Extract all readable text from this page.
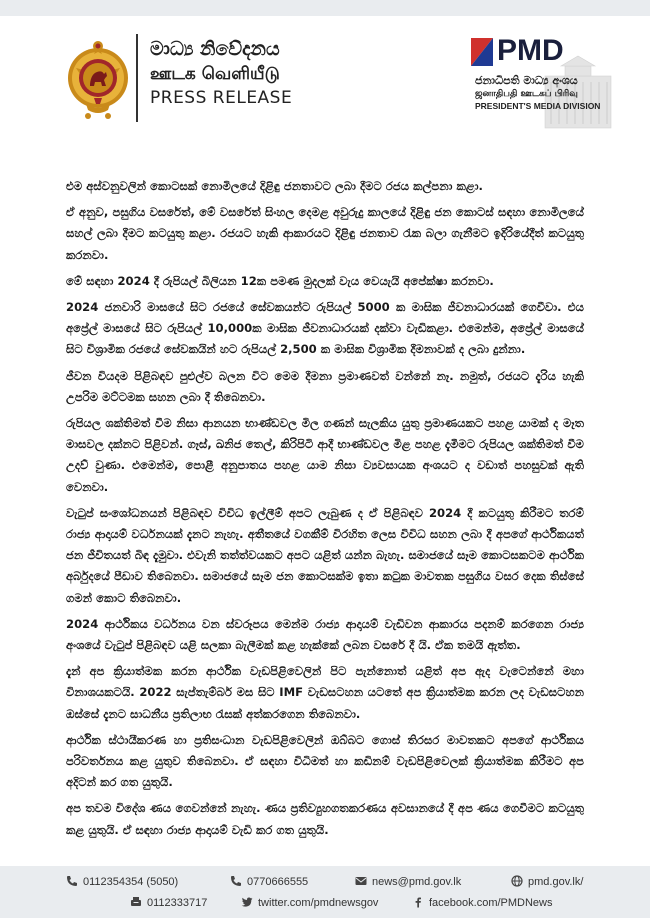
මාධ්‍ය නිවේදනය
ஊடக வெளியீடு
PRESS RELEASE
PMD
ජනාධිපති මාධ්‍ය අංශය
ஜனாதிபதி ஊடகப் பிரிவு
PRESIDENT'S MEDIA DIVISION

එම අස්වනුවලින් කොටසක් නොමිලයේ දිළිඳු ජනතාවට ලබා දීමට රජය කල්පනා කළා.

ඒ අනුව, පසුගිය වසරේත්, මේ වසරේත් සිංහල දෙමළ අවුරුදු කාලයේ දිළිඳු ජන කොටස් සඳහා නොමිලයේ සහල් ලබා දීමට කටයුතු කළා. රජයට හැකි ආකාරයට දිළිඳු ජනතාව රැක බලා ගැනීමට ඉදිරියේදීත් කටයුතු කරනවා.

මේ සඳහා 2024 දී රුපියල් බිලියන 12ක පමණ මුදලක් වැය වෙයැයි අපේක්ෂා කරනවා.

2024 ජනවාරි මාසයේ සිට රජයේ සේවකයන්ට රුපියල් 5000 ක මාසික ජීවනාධාරයක් ගෙවීවා. එය අප්‍රේල් මාසයේ සිට රුපියල් 10,000ක මාසික ජීවනාධාරයක් දක්වා වැඩිකළා. එමෙන්ම, අප්‍රේල් මාසයේ සිට විශ්‍රාමික රජයේ සේවකයින් හට රුපියල් 2,500 ක මාසික විශ්‍රාමික දීමනාවක් ද ලබා දුන්නා.

ජීවන වියදම පිළිබඳව පුළුල්ව බලන විට මෙම දීමනා ප්‍රමාණවත් වන්නේ නෑ. නමුත්, රජයට දැරිය හැකි උපරිම මට්ටමක සහන ලබා දී තිබෙනවා.

රුපියල ශක්තිමත් වීම නිසා ආනයන භාණ්ඩවල මිල ගණන් සැලකිය යුතු ප්‍රමාණයකට පහළ යාමක් ද මෑත මාසවල දක්නට පිළිවන්. ගෑස්, ඛනිජ තෙල්, කිරිපිටි ආදී භාණ්ඩවල මිළ පහළ දැමීමට රුපියල ශක්තිමත් වීම උදව් වුණා. එමෙන්ම, පොළී අනුපාතය පහළ යාම නිසා ව්‍යවසායක අංශයට ද වඩාත් පහසුවක් ඇති වෙනවා.

වැටුප් සංශෝධනයන් පිළිබඳව විවිධ ඉල්ලීම් අපට ලැබුණ ද ඒ පිළිබඳව 2024 දී කටයුතු කිරීමට තරම් රාජ්‍ය ආදායම් වර්ධනයක් දැනට නැහැ. අතීතයේ වගකීම් විරහිත ලෙස විවිධ සහන ලබා දී අපගේ ආර්ථිකයත් ජන ජීවිතයත් බිඳ දැමුවා. එවැනි තත්ත්වයකට අපට යළිත් යන්න බැහැ. සමාජයේ සෑම කොටසකටම ආර්ථික අර්බුදයේ පීඩාව තිබෙනවා. සමාජයේ සෑම ජන කොටසක්ම ඉතා කටුක මාවතක පසුගිය වසර දෙක තිස්සේ ගමන් කොට තිබෙනවා.

2024 ආර්ථිකය වර්ධනය වන ස්වරූපය මෙන්ම රාජ්‍ය ආදායම් වැඩිවන ආකාරය පදනම් කරගෙන රාජ්‍ය අංශයේ වැටුප් පිළිබඳව යළි සලකා බැලීමක් කළ හැක්කේ ලබන වසරේ දී යි. ඒක තමයි ඇත්ත.

දැන් අප ක්‍රියාත්මක කරන ආර්ථික වැඩපිළිවෙලින් පිට පැන්නොත් යළිත් අප ඇද වැටෙන්නේ මහා විනාශයකටයි. 2022 සැප්තැම්බර් මස සිට IMF වැඩසටහන යටතේ අප ක්‍රියාත්මක කරන ලද වැඩසටහන ඔස්සේ දැනට සාධනීය ප්‍රතිලාභ රැසක් අත්කරගෙන තිබෙනවා.

ආර්ථික ස්ථායීකරණ හා ප්‍රතිසංධාන වැඩපිළිවෙලින් ඔබ්බට ගොස් තිරසර මාවතකට අපගේ ආර්ථිකය පරිවර්තනය කළ යුතුව තිබෙනවා. ඒ සඳහා විධිමත් හා කඩිනම් වැඩපිළිවෙලක් ක්‍රියාත්මක කිරීමට අප අදිටන් කර ගත යුතුයි.

අප තවම විදේශ ණය ගෙවන්නේ නැහැ. ණය ප්‍රතිව්‍යුහගතකරණය අවසානයේ දී අප ණය ගෙවීමට කටයුතු කළ යුතුයි. ඒ සඳහා රාජ්‍ය ආදායම් වැඩි කර ගත යුතුයි.

0112354354 (5050)	0770666555	news@pmd.gov.lk	pmd.gov.lk/
0112333717	twitter.com/pmdnewsgov	facebook.com/PMDNews
